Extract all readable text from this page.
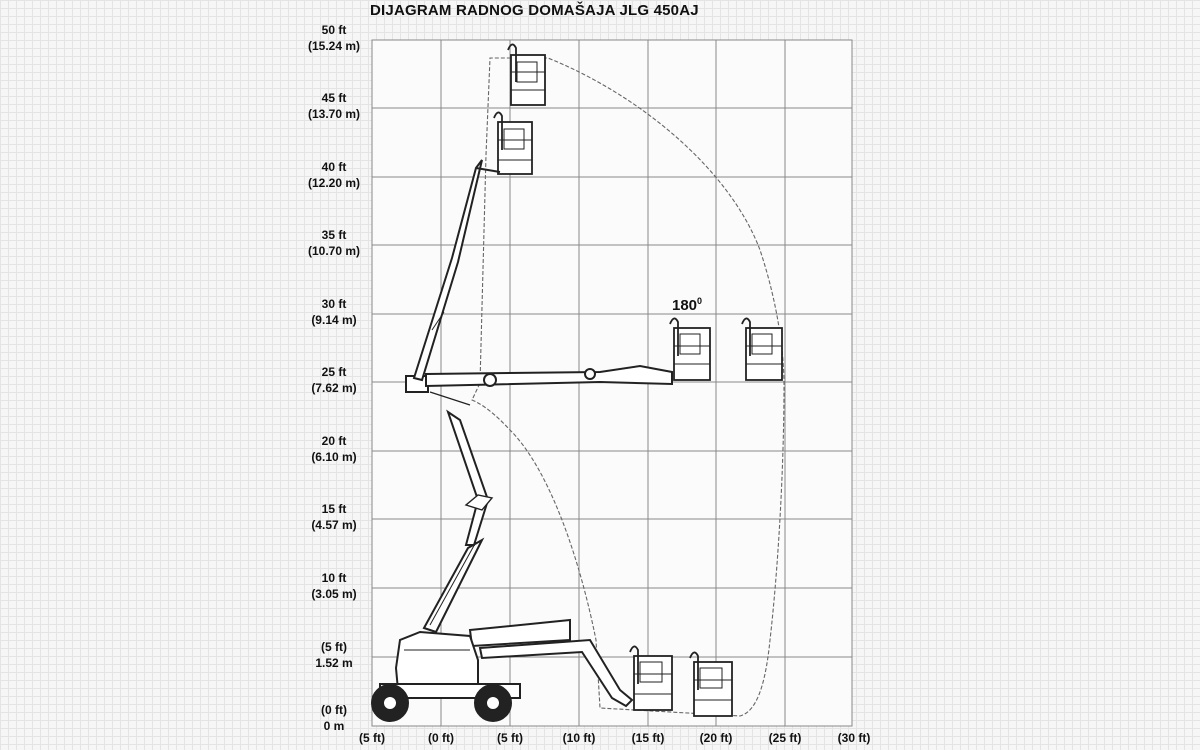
DIJAGRAM RADNOG DOMAŠAJA JLG 450AJ
$180^0$
50 ft
(15.24 m)
45 ft
(13.70 m)
40 ft
(12.20 m)
35 ft
(10.70 m)
30 ft
(9.14 m)
25 ft
(7.62 m)
20 ft
(6.10 m)
15 ft
(4.57 m)
10 ft
(3.05 m)
(5 ft)
1.52 m
(0 ft)
0 m
(5 ft)	(0 ft)	(5 ft)	(10 ft)	(15 ft)	(20 ft)	(25 ft)	(30 ft)
